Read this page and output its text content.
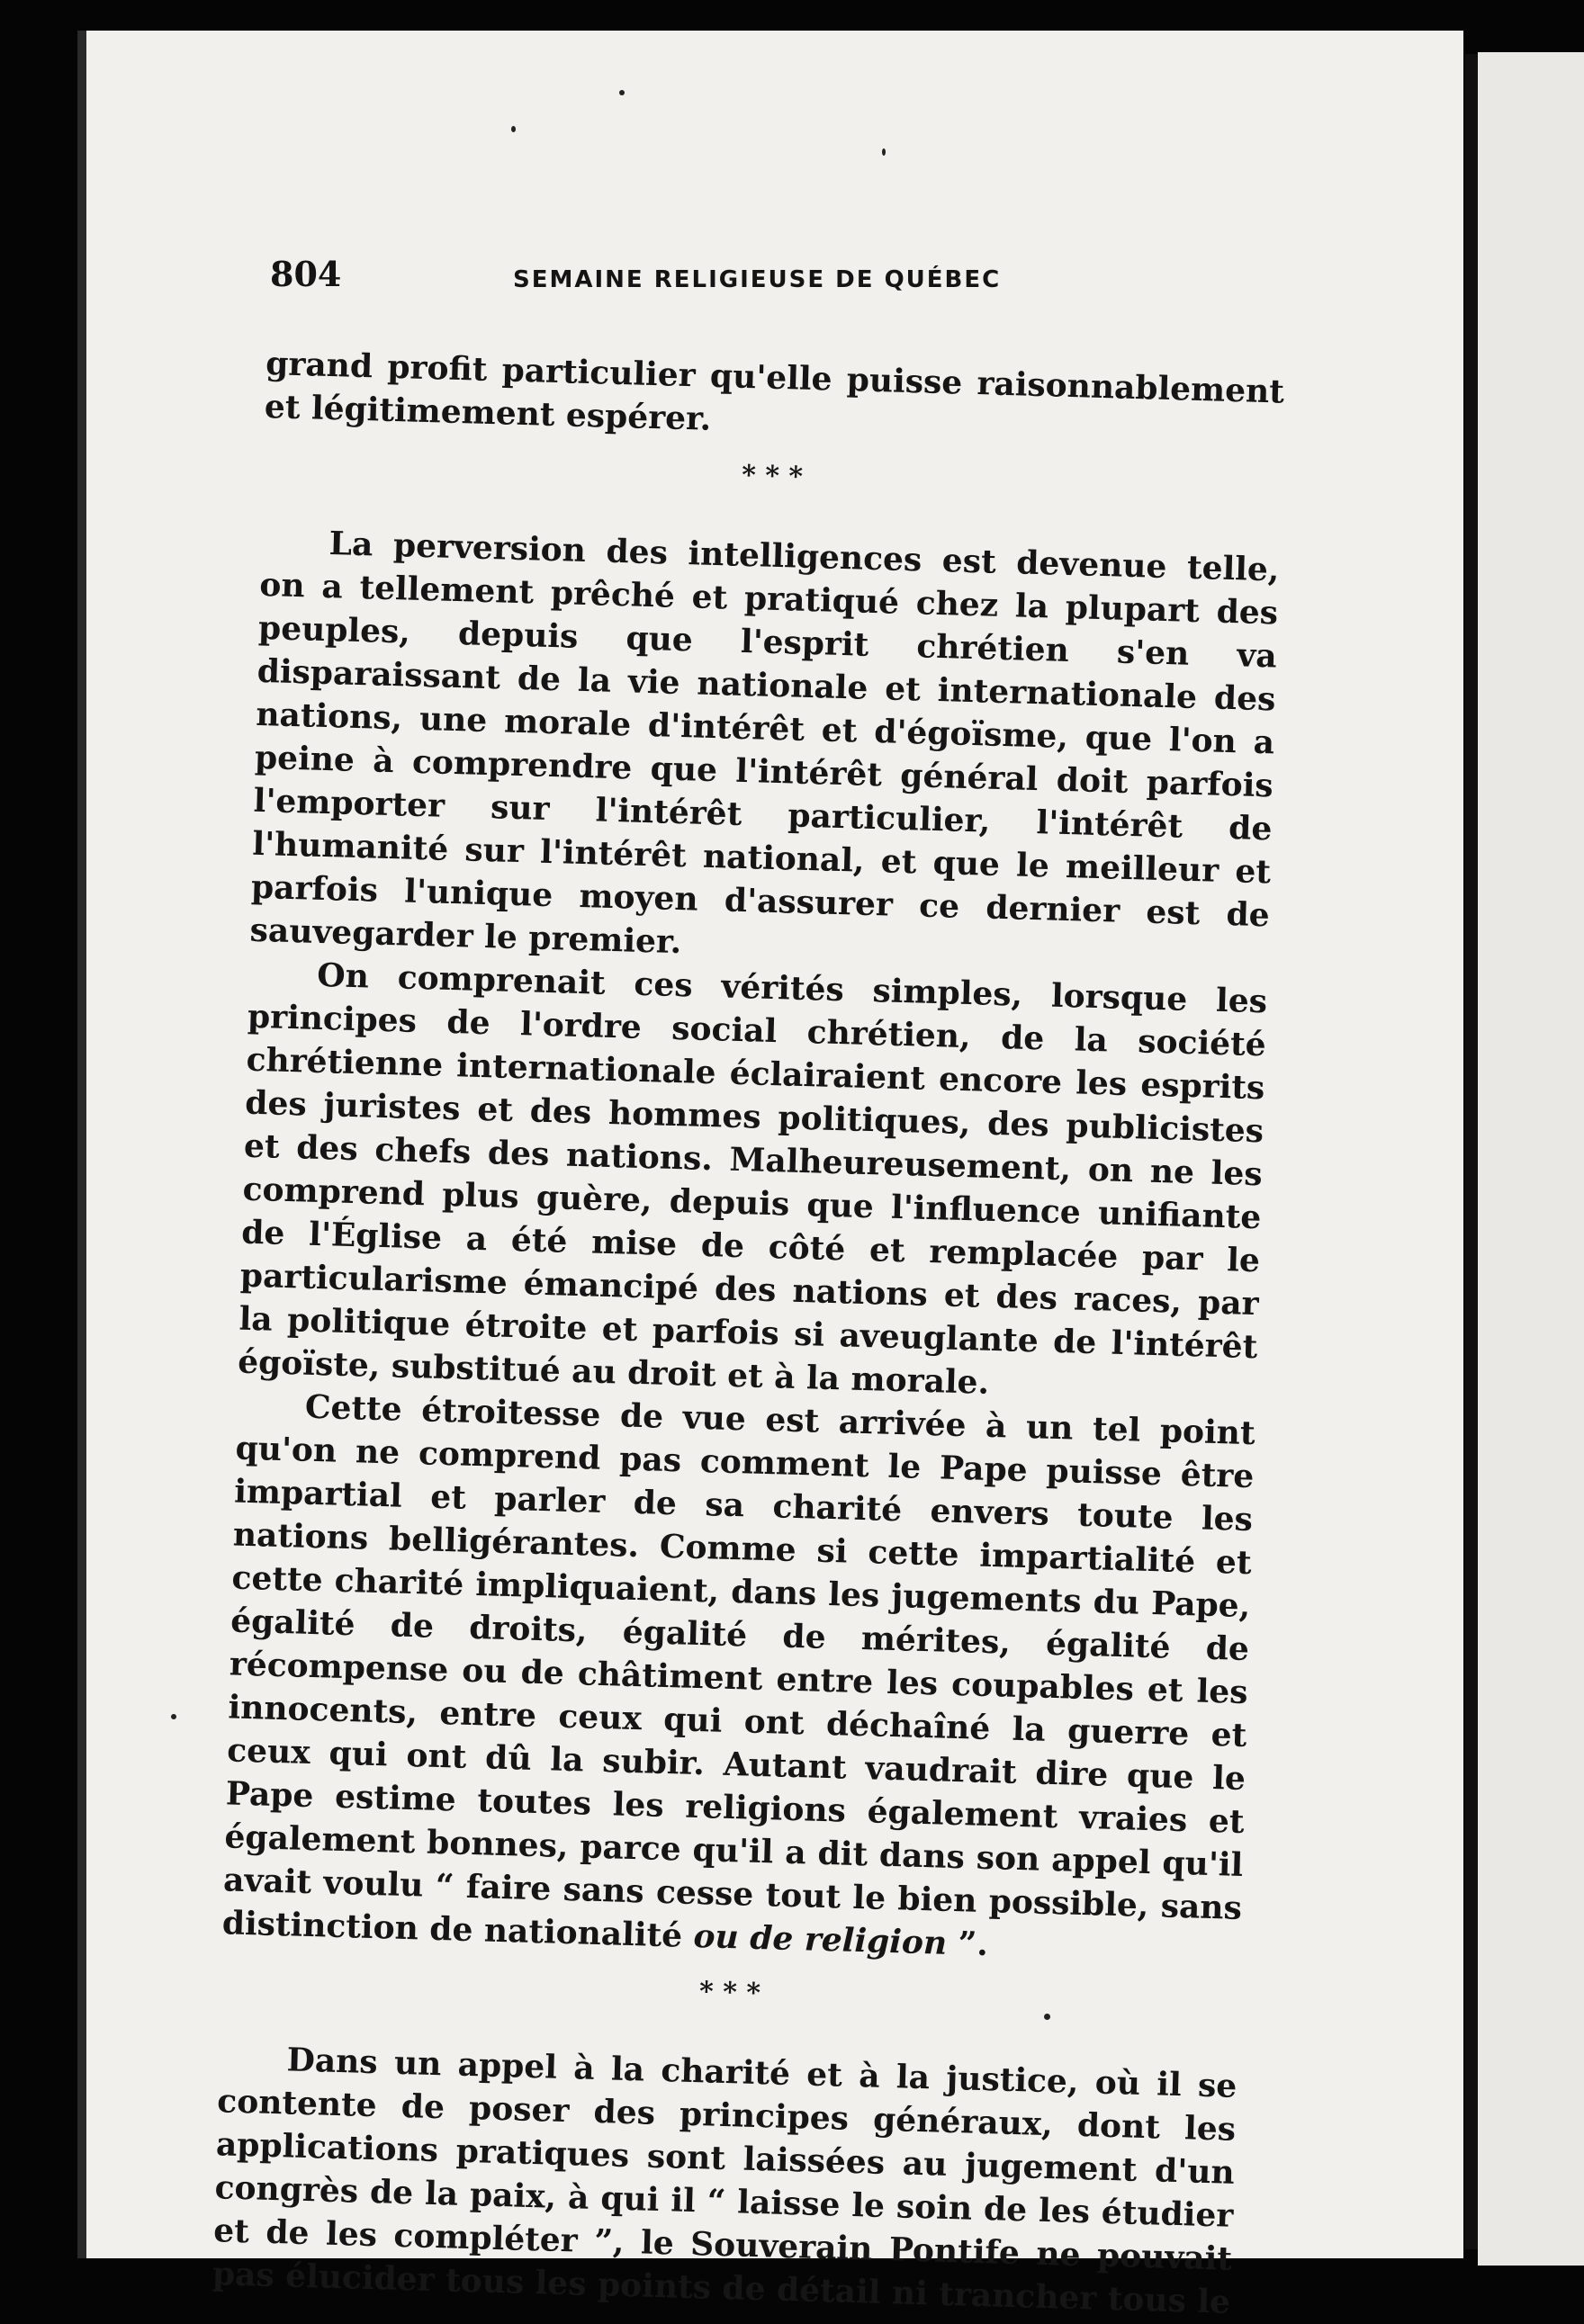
804	SEMAINE RELIGIEUSE DE QUÉBEC

grand profit particulier qu'elle puisse raisonnablement et légitimement espérer.

* * *

La perversion des intelligences est devenue telle, on a tellement prêché et pratiqué chez la plupart des peuples, depuis que l'esprit chrétien s'en va disparaissant de la vie nationale et internationale des nations, une morale d'intérêt et d'égoïsme, que l'on a peine à comprendre que l'intérêt général doit parfois l'emporter sur l'intérêt particulier, l'intérêt de l'humanité sur l'intérêt national, et que le meilleur et parfois l'unique moyen d'assurer ce dernier est de sauvegarder le premier.

On comprenait ces vérités simples, lorsque les principes de l'ordre social chrétien, de la société chrétienne internationale éclairaient encore les esprits des juristes et des hommes politiques, des publicistes et des chefs des nations. Malheureusement, on ne les comprend plus guère, depuis que l'influence unifiante de l'Église a été mise de côté et remplacée par le particularisme émancipé des nations et des races, par la politique étroite et parfois si aveuglante de l'intérêt égoïste, substitué au droit et à la morale.

Cette étroitesse de vue est arrivée à un tel point qu'on ne comprend pas comment le Pape puisse être impartial et parler de sa charité envers toute les nations belligérantes. Comme si cette impartialité et cette charité impliquaient, dans les jugements du Pape, égalité de droits, égalité de mérites, égalité de récompense ou de châtiment entre les coupables et les innocents, entre ceux qui ont déchaîné la guerre et ceux qui ont dû la subir. Autant vaudrait dire que le Pape estime toutes les religions également vraies et également bonnes, parce qu'il a dit dans son appel qu'il avait voulu “ faire sans cesse tout le bien possible, sans distinction de nationalité ou de religion ”.

* * *

Dans un appel à la charité et à la justice, où il se contente de poser des principes généraux, dont les applications pratiques sont laissées au jugement d'un congrès de la paix, à qui il “ laisse le soin de les étudier et de les compléter ”, le Souverain Pontife ne pouvait pas élucider tous les points de détail ni trancher tous le
